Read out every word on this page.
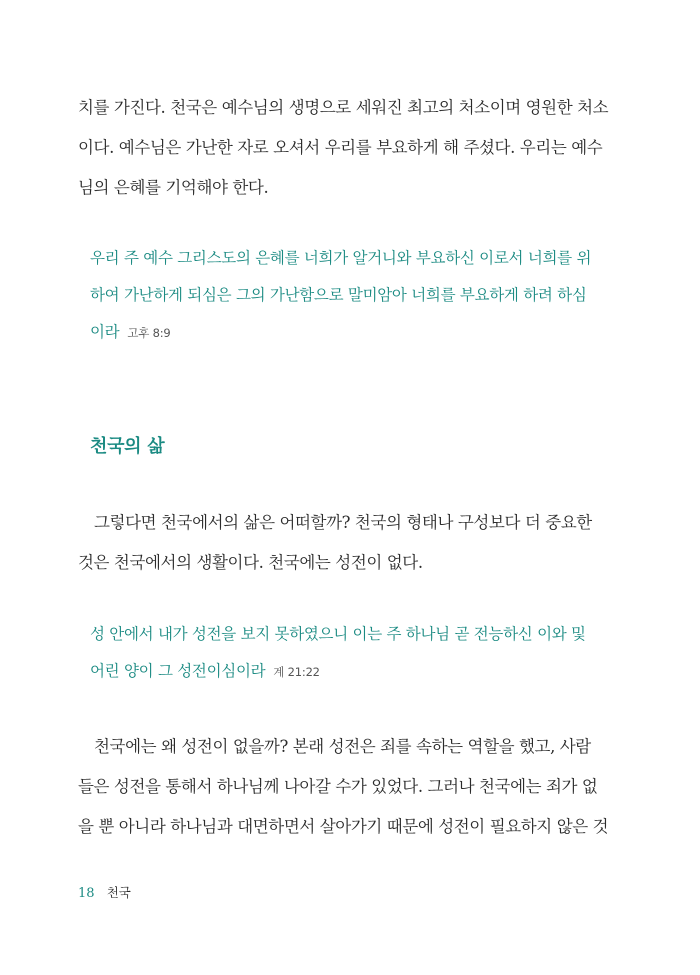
치를 가진다. 천국은 예수님의 생명으로 세워진 최고의 처소이며 영원한 처소
이다. 예수님은 가난한 자로 오셔서 우리를 부요하게 해 주셨다. 우리는 예수
님의 은혜를 기억해야 한다.

우리 주 예수 그리스도의 은혜를 너희가 알거니와 부요하신 이로서 너희를 위
하여 가난하게 되심은 그의 가난함으로 말미암아 너희를 부요하게 하려 하심
이라 고후 8:9

천국의 삶

그렇다면 천국에서의 삶은 어떠할까? 천국의 형태나 구성보다 더 중요한
것은 천국에서의 생활이다. 천국에는 성전이 없다.

성 안에서 내가 성전을 보지 못하였으니 이는 주 하나님 곧 전능하신 이와 및
어린 양이 그 성전이심이라 계 21:22

천국에는 왜 성전이 없을까? 본래 성전은 죄를 속하는 역할을 했고, 사람
들은 성전을 통해서 하나님께 나아갈 수가 있었다. 그러나 천국에는 죄가 없
을 뿐 아니라 하나님과 대면하면서 살아가기 때문에 성전이 필요하지 않은 것

18 천국
